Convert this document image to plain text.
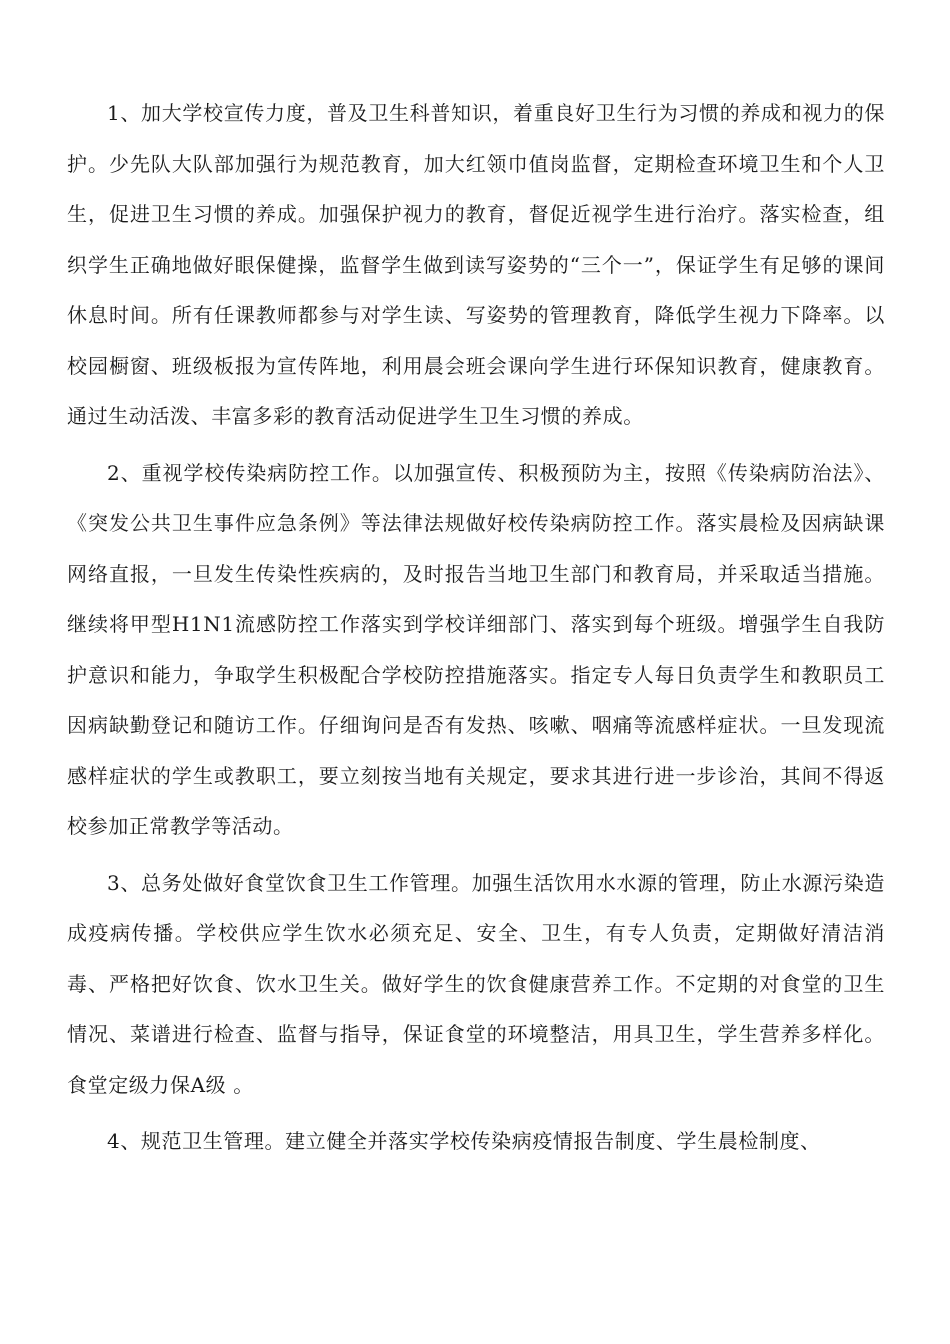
1、加大学校宣传力度，普及卫生科普知识，着重良好卫生行为习惯的养成和视力的保护。少先队大队部加强行为规范教育，加大红领巾值岗监督，定期检查环境卫生和个人卫生，促进卫生习惯的养成。加强保护视力的教育，督促近视学生进行治疗。落实检查，组织学生正确地做好眼保健操，监督学生做到读写姿势的“三个一”，保证学生有足够的课间休息时间。所有任课教师都参与对学生读、写姿势的管理教育，降低学生视力下降率。以校园橱窗、班级板报为宣传阵地，利用晨会班会课向学生进行环保知识教育，健康教育。通过生动活泼、丰富多彩的教育活动促进学生卫生习惯的养成。

2、重视学校传染病防控工作。以加强宣传、积极预防为主，按照《传染病防治法》、《突发公共卫生事件应急条例》等法律法规做好校传染病防控工作。落实晨检及因病缺课网络直报，一旦发生传染性疾病的，及时报告当地卫生部门和教育局，并采取适当措施。继续将甲型H1N1流感防控工作落实到学校详细部门、落实到每个班级。增强学生自我防护意识和能力，争取学生积极配合学校防控措施落实。指定专人每日负责学生和教职员工因病缺勤登记和随访工作。仔细询问是否有发热、咳嗽、咽痛等流感样症状。一旦发现流感样症状的学生或教职工，要立刻按当地有关规定，要求其进行进一步诊治，其间不得返校参加正常教学等活动。

3、总务处做好食堂饮食卫生工作管理。加强生活饮用水水源的管理，防止水源污染造成疫病传播。学校供应学生饮水必须充足、安全、卫生，有专人负责，定期做好清洁消毒、严格把好饮食、饮水卫生关。做好学生的饮食健康营养工作。不定期的对食堂的卫生情况、菜谱进行检查、监督与指导，保证食堂的环境整洁，用具卫生，学生营养多样化。食堂定级力保A级 。

4、规范卫生管理。建立健全并落实学校传染病疫情报告制度、学生晨检制度、
